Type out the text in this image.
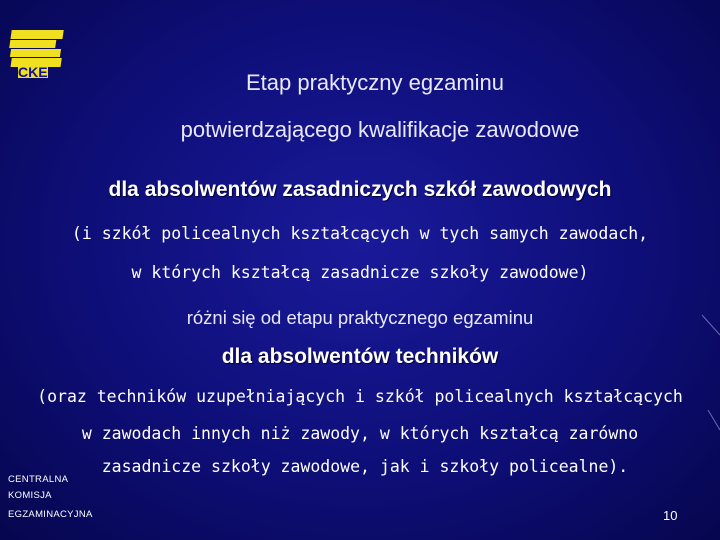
CKE	Etap praktyczny egzaminu
potwierdzającego kwalifikacje zawodowe
dla absolwentów zasadniczych szkół zawodowych
(i szkół policealnych kształcących w tych samych zawodach,
w których kształcą zasadnicze szkoły zawodowe)
różni się od etapu praktycznego egzaminu
dla absolwentów techników
(oraz techników uzupełniających i szkół policealnych kształcących
w zawodach innych niż zawody, w których kształcą zarówno
zasadnicze szkoły zawodowe, jak i szkoły policealne).
CENTRALNA
KOMISJA
EGZAMINACYJNA	10
